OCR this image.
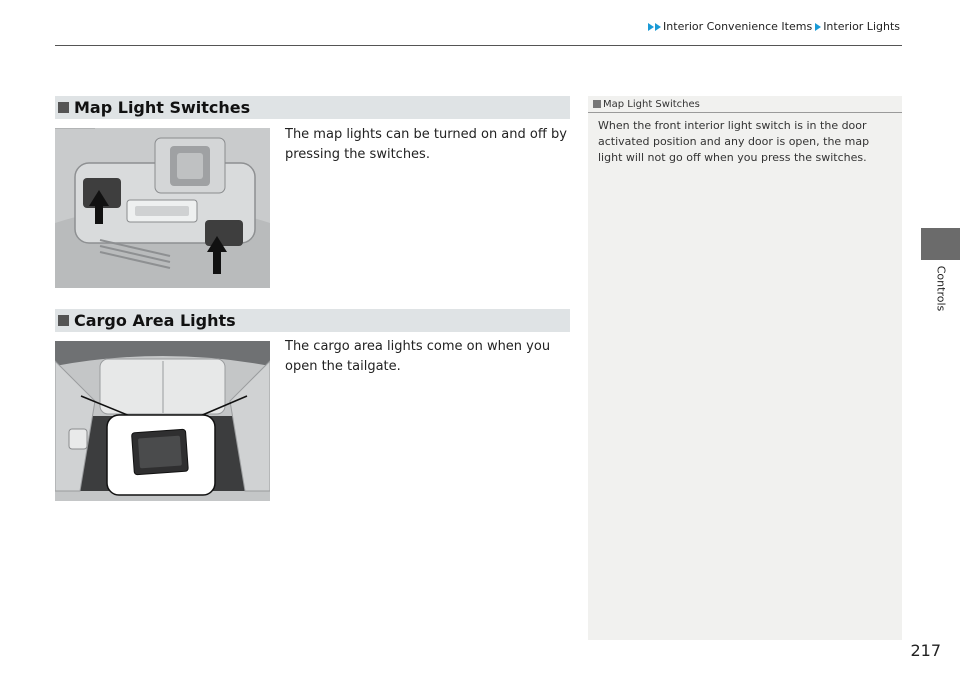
Interior Convenience Items Interior Lights
Controls
Map Light Switches
The map lights can be turned on and off by pressing the switches.
Cargo Area Lights
The cargo area lights come on when you open the tailgate.
Map Light Switches
When the front interior light switch is in the door activated position and any door is open, the map light will not go off when you press the switches.
217
